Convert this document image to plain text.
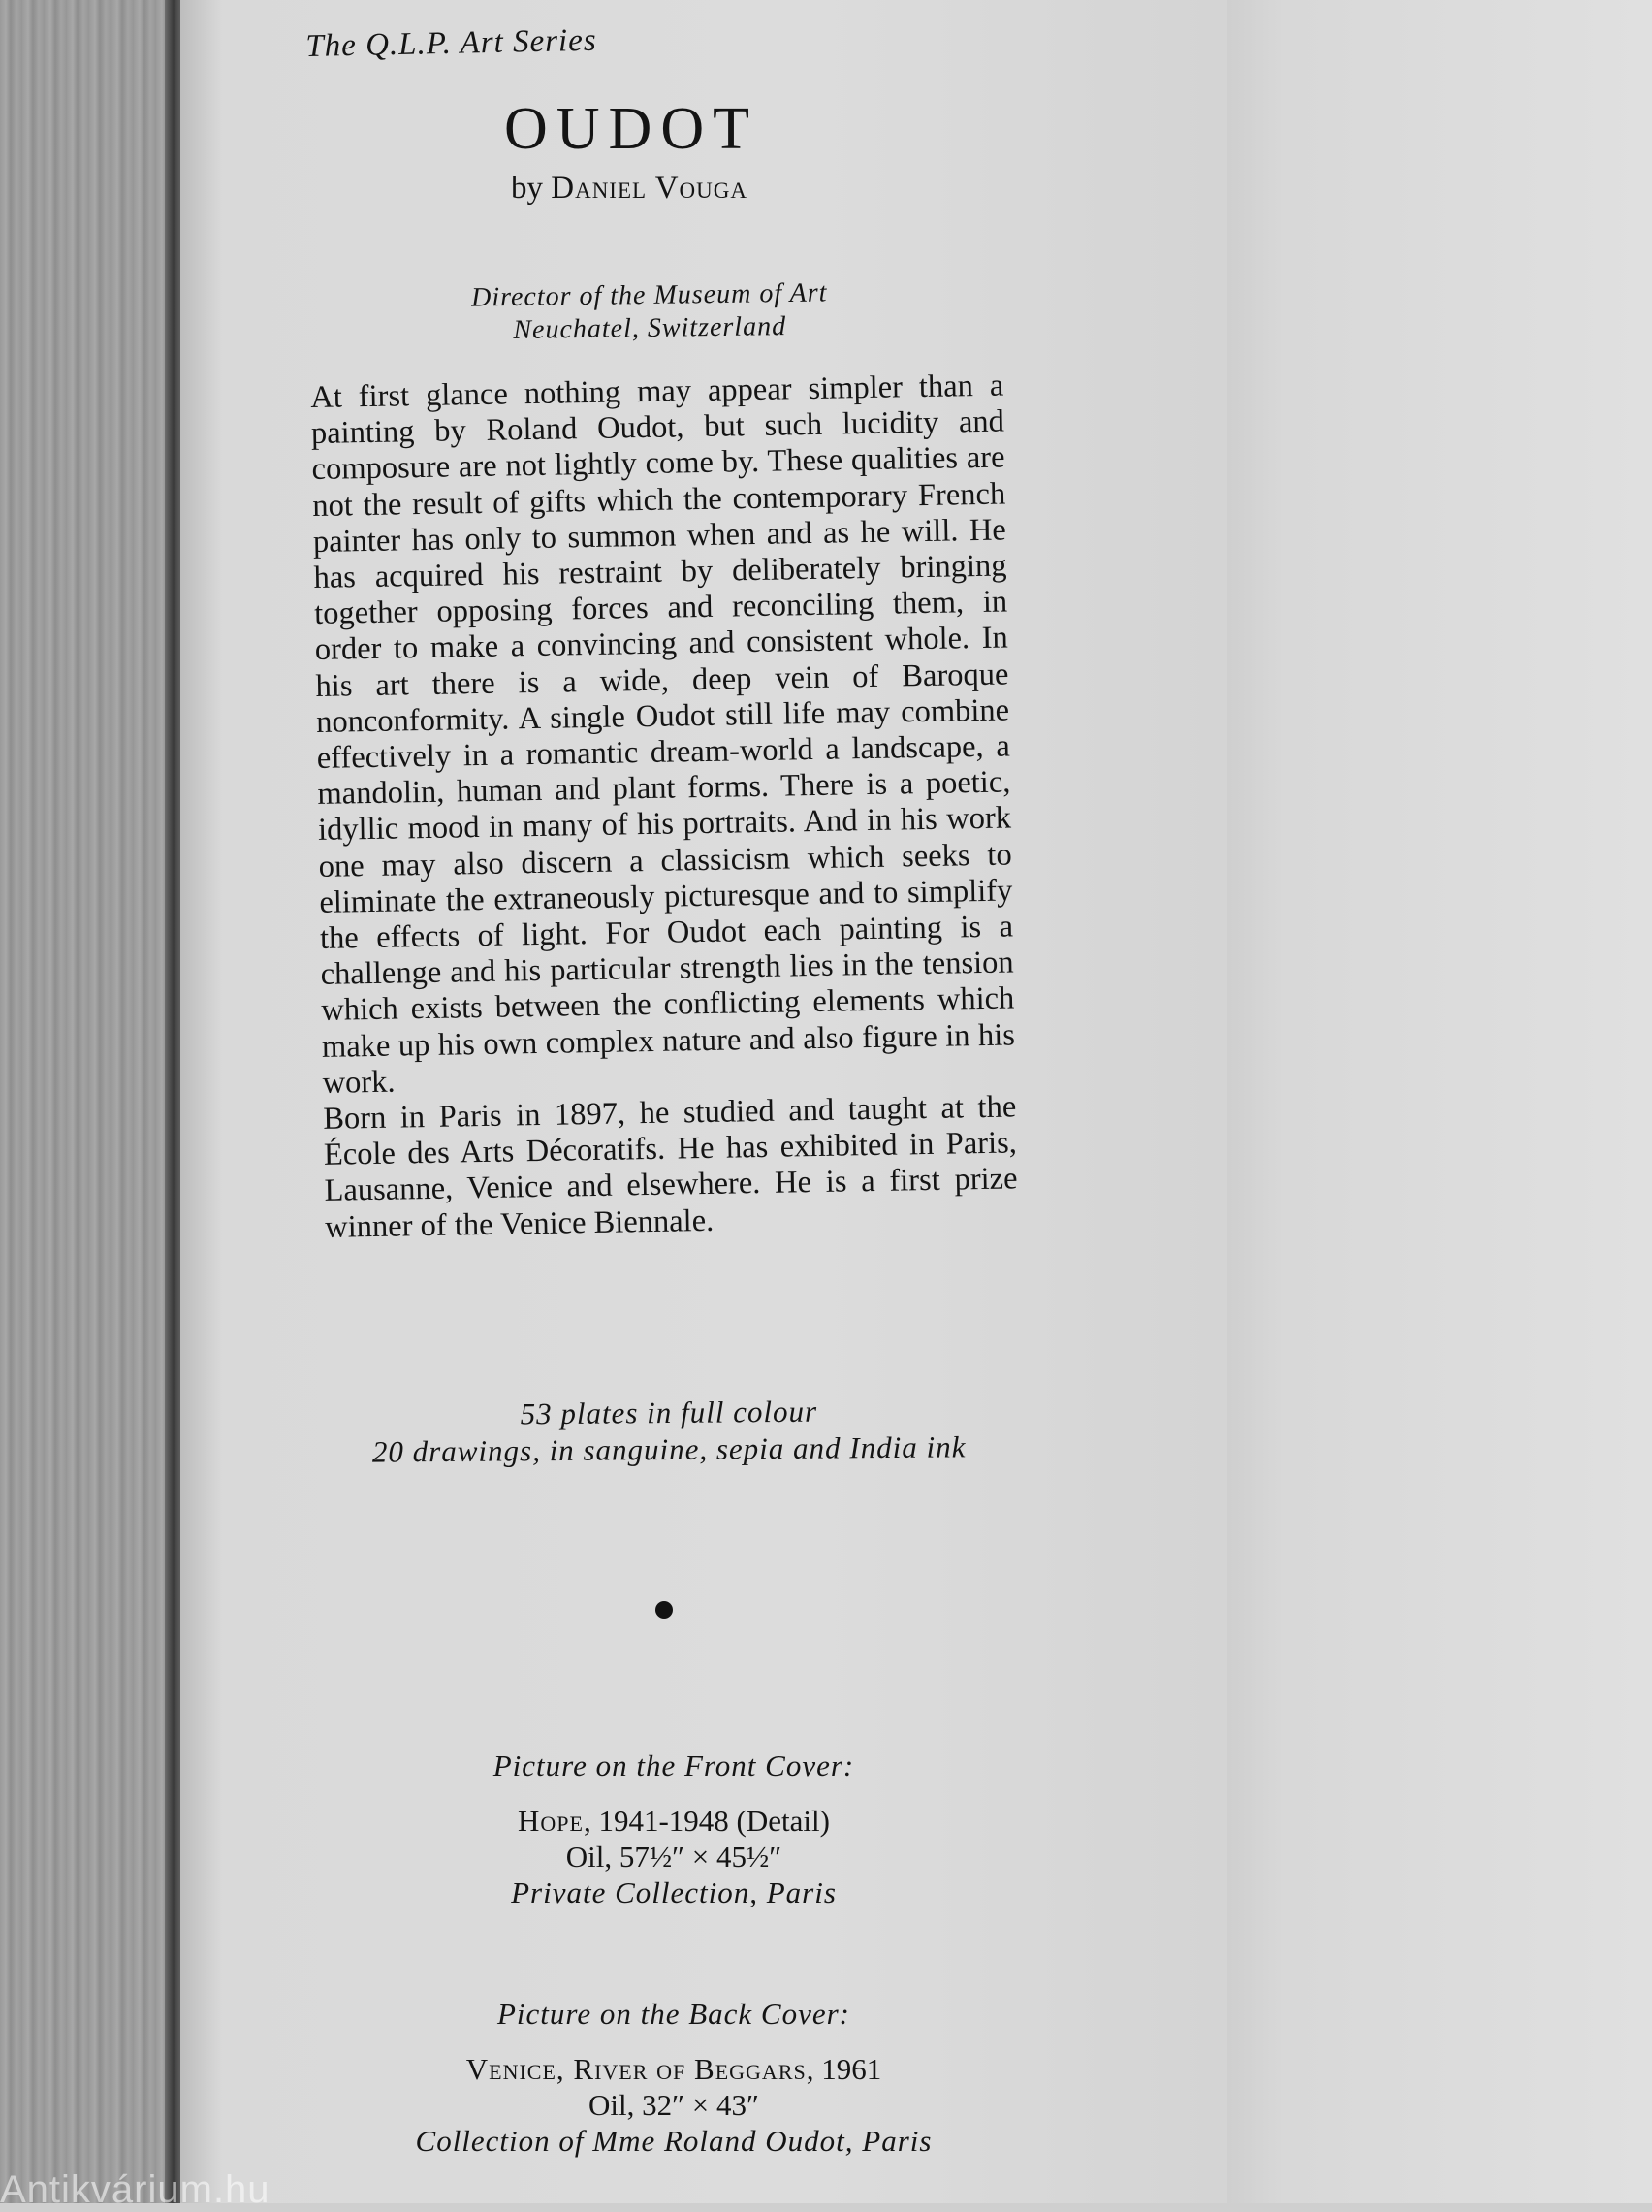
The Q.L.P. Art Series
OUDOT
by Daniel Vouga
Director of the Museum of Art
Neuchatel, Switzerland

At first glance nothing may appear simpler than a painting by Roland Oudot, but such lucidity and composure are not lightly come by. These qualities are not the result of gifts which the contemporary French painter has only to summon when and as he will. He has acquired his restraint by deliberately bringing together opposing forces and reconciling them, in order to make a convincing and consistent whole. In his art there is a wide, deep vein of Baroque nonconformity. A single Oudot still life may combine effectively in a romantic dream-world a landscape, a mandolin, human and plant forms. There is a poetic, idyllic mood in many of his portraits. And in his work one may also discern a classicism which seeks to eliminate the extraneously picturesque and to simplify the effects of light. For Oudot each painting is a challenge and his particular strength lies in the tension which exists between the conflicting elements which make up his own complex nature and also figure in his work.

Born in Paris in 1897, he studied and taught at the École des Arts Décoratifs. He has exhibited in Paris, Lausanne, Venice and elsewhere. He is a first prize winner of the Venice Biennale.

53 plates in full colour
20 drawings, in sanguine, sepia and India ink
Picture on the Front Cover:
Hope, 1941-1948 (Detail)
Oil, 57½″ × 45½″
Private Collection, Paris
Picture on the Back Cover:
Venice, River of Beggars, 1961
Oil, 32″ × 43″
Collection of Mme Roland Oudot, Paris
Antikvárium.hu
